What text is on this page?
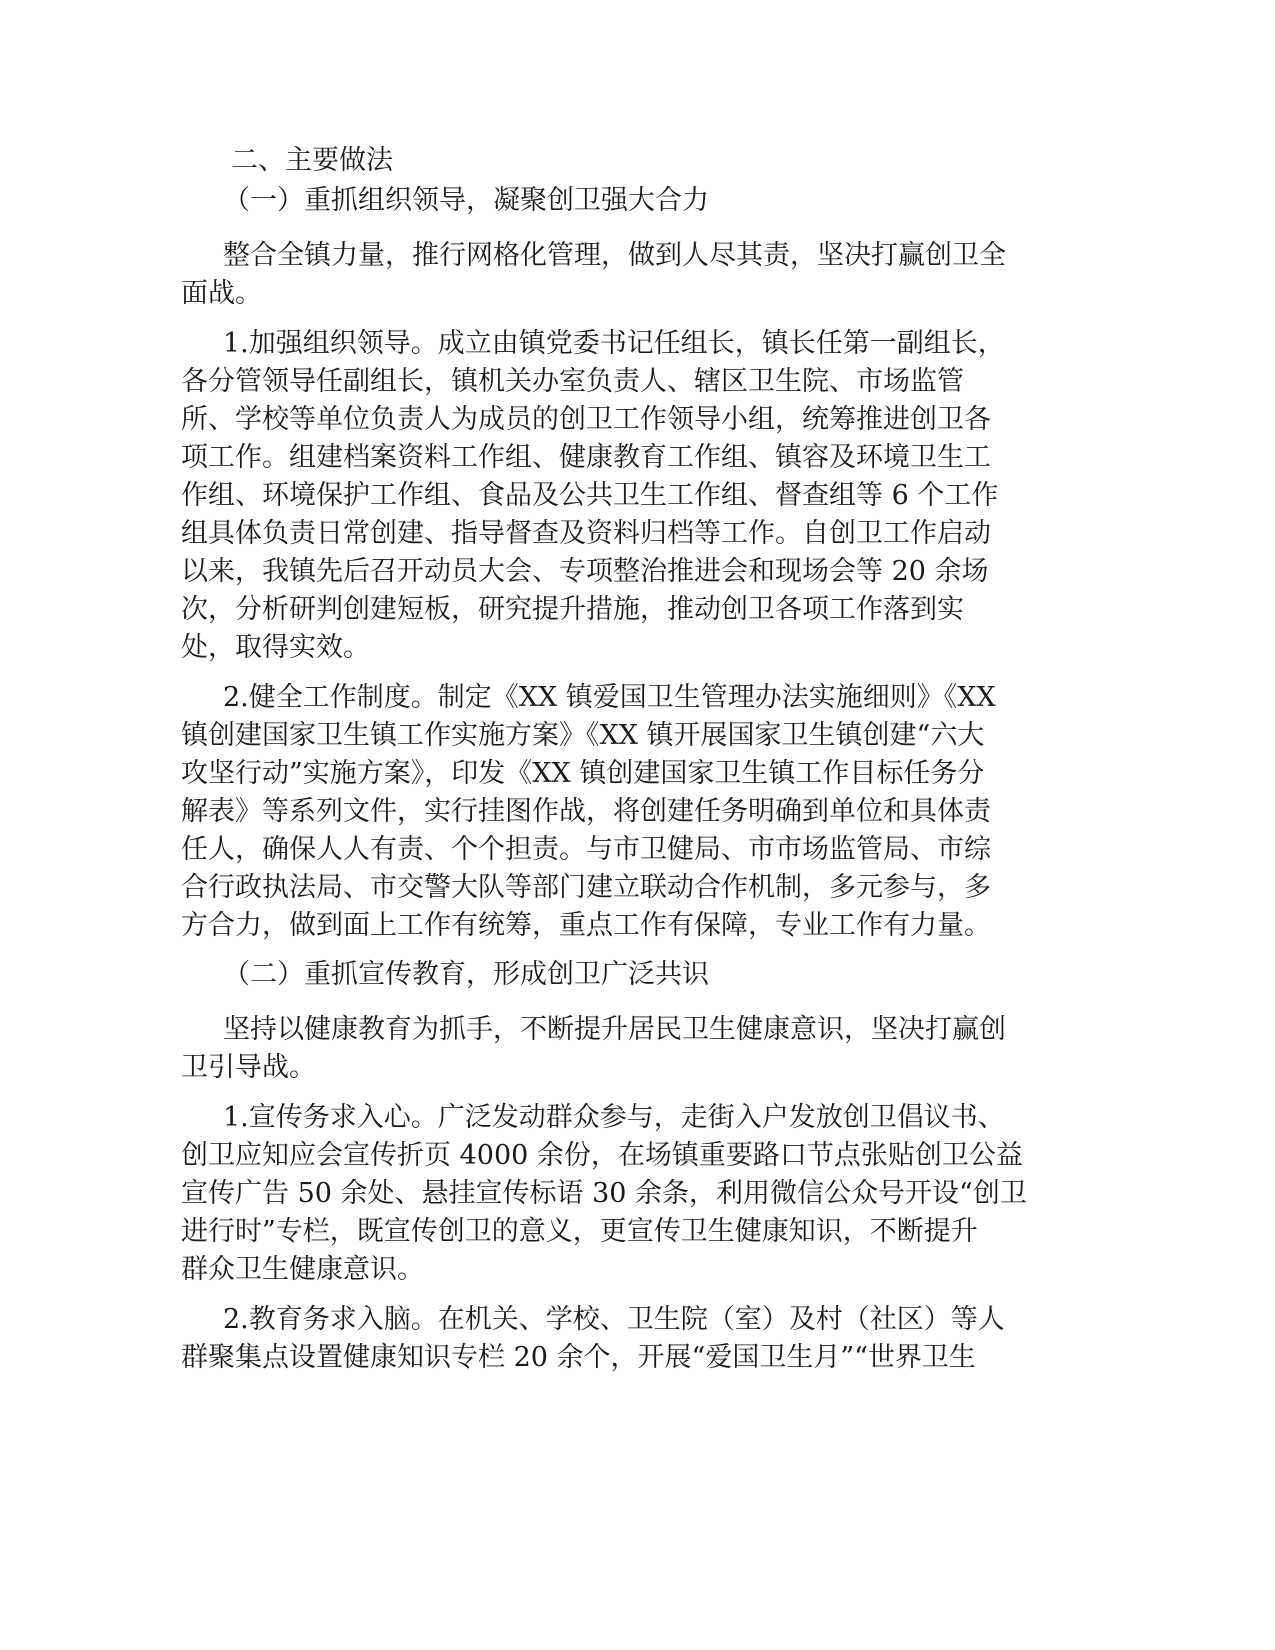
二、主要做法
（一）重抓组织领导，凝聚创卫强大合力
整合全镇力量，推行网格化管理，做到人尽其责，坚决打赢创卫全
面战。
1.加强组织领导。成立由镇党委书记任组长，镇长任第一副组长，
各分管领导任副组长，镇机关办室负责人、辖区卫生院、市场监管
所、学校等单位负责人为成员的创卫工作领导小组，统筹推进创卫各
项工作。组建档案资料工作组、健康教育工作组、镇容及环境卫生工
作组、环境保护工作组、食品及公共卫生工作组、督查组等 6 个工作
组具体负责日常创建、指导督查及资料归档等工作。自创卫工作启动
以来，我镇先后召开动员大会、专项整治推进会和现场会等 20 余场
次，分析研判创建短板，研究提升措施，推动创卫各项工作落到实
处，取得实效。
2.健全工作制度。制定《XX 镇爱国卫生管理办法实施细则》《XX
镇创建国家卫生镇工作实施方案》《XX 镇开展国家卫生镇创建“六大
攻坚行动”实施方案》，印发《XX 镇创建国家卫生镇工作目标任务分
解表》等系列文件，实行挂图作战，将创建任务明确到单位和具体责
任人，确保人人有责、个个担责。与市卫健局、市市场监管局、市综
合行政执法局、市交警大队等部门建立联动合作机制，多元参与，多
方合力，做到面上工作有统筹，重点工作有保障，专业工作有力量。
（二）重抓宣传教育，形成创卫广泛共识
坚持以健康教育为抓手，不断提升居民卫生健康意识，坚决打赢创
卫引导战。
1.宣传务求入心。广泛发动群众参与，走街入户发放创卫倡议书、
创卫应知应会宣传折页 4000 余份，在场镇重要路口节点张贴创卫公益
宣传广告 50 余处、悬挂宣传标语 30 余条，利用微信公众号开设“创卫
进行时”专栏，既宣传创卫的意义，更宣传卫生健康知识，不断提升
群众卫生健康意识。
2.教育务求入脑。在机关、学校、卫生院（室）及村（社区）等人
群聚集点设置健康知识专栏 20 余个，开展“爱国卫生月”“世界卫生
